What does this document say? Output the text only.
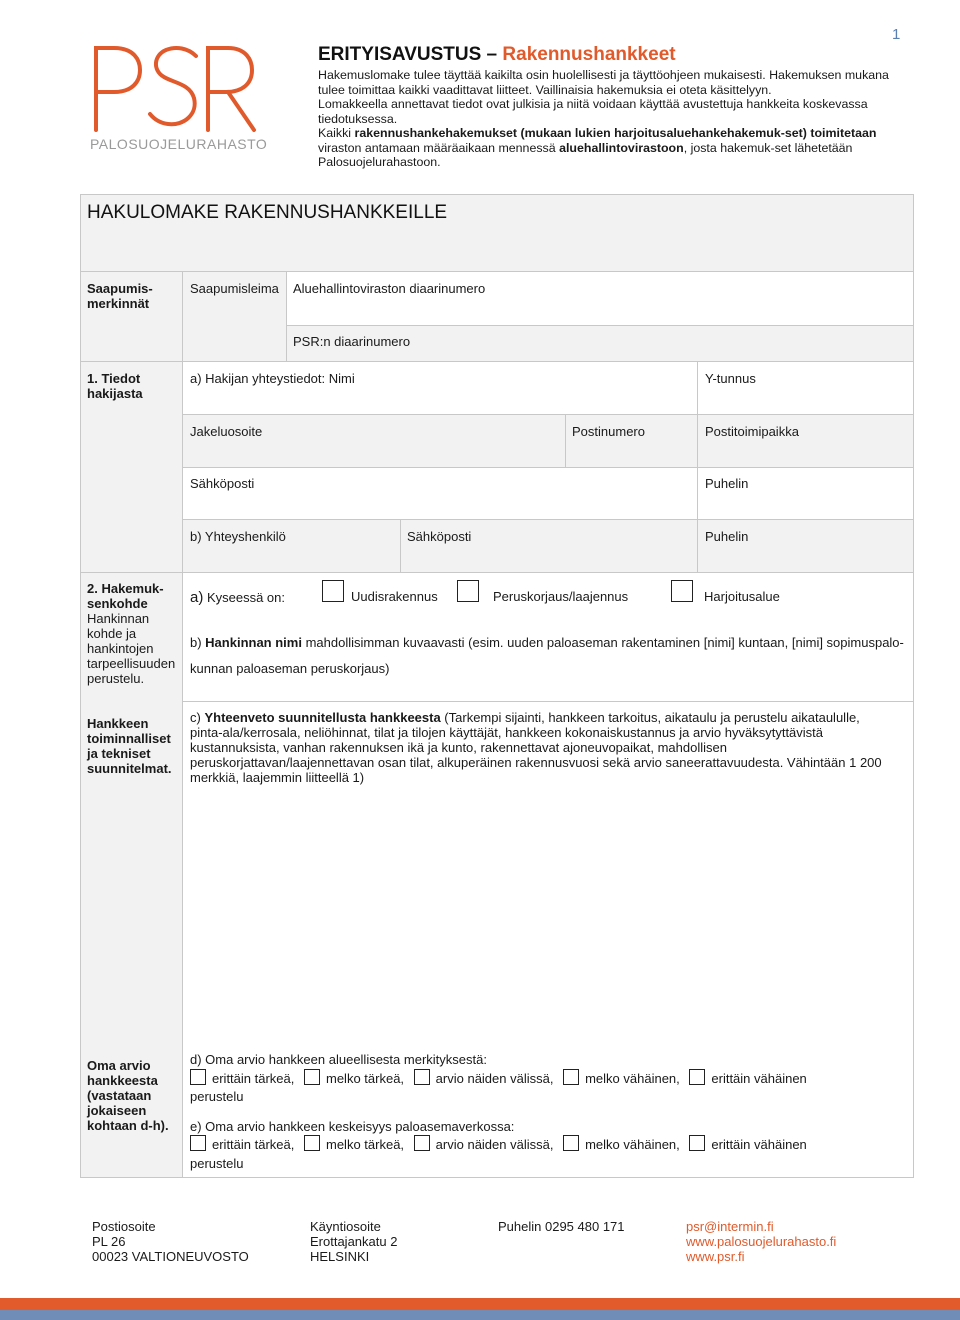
1
PALOSUOJELURAHASTO
ERITYISAVUSTUS – Rakennushankkeet

Hakemuslomake tulee täyttää kaikilta osin huolellisesti ja täyttöohjeen mukaisesti. Hakemuksen mukana tulee toimittaa kaikki vaadittavat liitteet. Vaillinaisia hakemuksia ei oteta käsittelyyn.

Lomakkeella annettavat tiedot ovat julkisia ja niitä voidaan käyttää avustettuja hankkeita koskevassa tiedotuksessa.

Kaikki rakennushankehakemukset (mukaan lukien harjoitusaluehankehakemuk-set) toimitetaan viraston antamaan määräaikaan mennessä aluehallintovirastoon, josta hakemuk-set lähetetään Palosuojelurahastoon.

HAKULOMAKE RAKENNUSHANKKEILLE
Saapumis-
merkinnät
Saapumisleima Aluehallintoviraston diaarinumero
PSR:n diaarinumero
1. Tiedot
hakijasta
a) Hakijan yhteystiedot: Nimi	Y-tunnus
Jakeluosoite	Postinumero	Postitoimipaikka
Sähköposti	Puhelin
b) Yhteyshenkilö	Sähköposti	Puhelin
2. Hakemuk-
senkohde
Hankinnan
kohde ja
hankintojen
tarpeellisuuden
perustelu.
a) Kyseessä on:	Uudisrakennus	Peruskorjaus/laajennus	Harjoitusalue
b) Hankinnan nimi mahdollisimman kuvaavasti (esim. uuden paloaseman rakentaminen [nimi] kuntaan, [nimi] sopimuspalo-
kunnan paloaseman peruskorjaus)
Hankkeen
toiminnalliset
ja tekniset
suunnitelmat.
c) Yhteenveto suunnitellusta hankkeesta (Tarkempi sijainti, hankkeen tarkoitus, aikataulu ja perustelu aikataululle, pinta-ala/kerrosala, neliöhinnat, tilat ja tilojen käyttäjät, hankkeen kokonaiskustannus ja arvio hyväksytyttävistä kustannuksista, vanhan rakennuksen ikä ja kunto, rakennettavat ajoneuvopaikat, mahdollisen peruskorjattavan/laajennettavan osan tilat, alkuperäinen rakennusvuosi sekä arvio saneerattavuudesta. Vähintään 1 200 merkkiä, laajemmin liitteellä 1)
Oma arvio
hankkeesta
(vastataan
jokaiseen
kohtaan d-h).
d) Oma arvio hankkeen alueellisesta merkityksestä:
erittäin tärkeä, melko tärkeä, arvio näiden välissä, melko vähäinen, erittäin vähäinen
perustelu
e) Oma arvio hankkeen keskeisyys paloasemaverkossa:
erittäin tärkeä, melko tärkeä, arvio näiden välissä, melko vähäinen, erittäin vähäinen
perustelu
Postiosoite
PL 26
00023 VALTIONEUVOSTO
Käyntiosoite
Erottajankatu 2
HELSINKI
Puhelin 0295 480 171	psr@intermin.fi
www.palosuojelurahasto.fi
www.psr.fi
